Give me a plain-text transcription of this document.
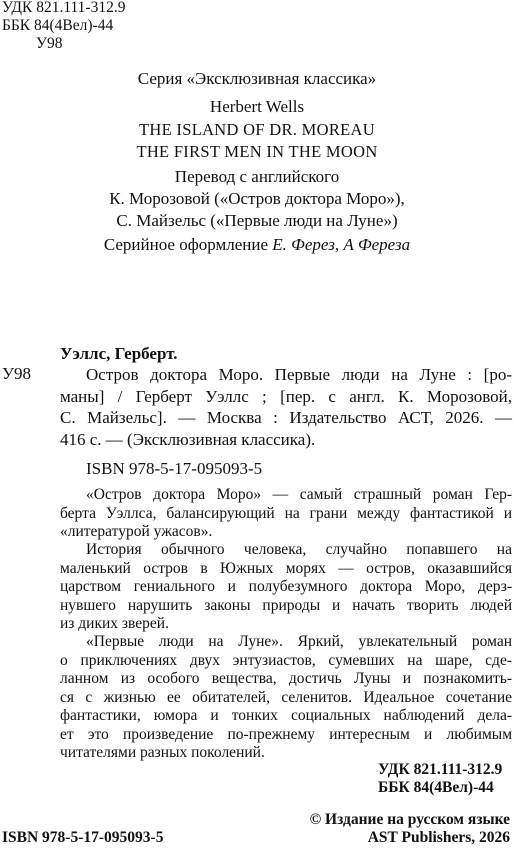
УДК 821.111-312.9
ББК 84(4Вел)-44
У98
Серия «Эксклюзивная классика»
Herbert Wells
THE ISLAND OF DR. MOREAU
THE FIRST MEN IN THE MOON
Перевод с английского
К. Морозовой («Остров доктора Моро»),
С. Майзельс («Первые люди на Луне»)
Серийное оформление Е. Ферез, А Фереза
Уэллс, Герберт.
У98	Остров доктора Моро. Первые люди на Луне : [ро-
маны] / Герберт Уэллс ; [пер. с англ. К. Морозовой,
С. Майзельс]. — Москва : Издательство АСТ, 2026. —
416 с. — (Эксклюзивная классика).
ISBN 978-5-17-095093-5
«Остров доктора Моро» — самый страшный роман Гер-
берта Уэллса, балансирующий на грани между фантастикой и
«литературой ужасов».
История обычного человека, случайно попавшего на
маленький остров в Южных морях — остров, оказавшийся
царством гениального и полубезумного доктора Моро, дерз-
нувшего нарушить законы природы и начать творить людей
из диких зверей.
«Первые люди на Луне». Яркий, увлекательный роман
о приключениях двух энтузиастов, сумевших на шаре, сде-
ланном из особого вещества, достичь Луны и познакомить-
ся с жизнью ее обитателей, селенитов. Идеальное сочетание
фантастики, юмора и тонких социальных наблюдений дела-
ет это произведение по-прежнему интересным и любимым
читателями разных поколений.
УДК 821.111-312.9
ББК 84(4Вел)-44
ISBN 978-5-17-095093-5
© Издание на русском языке
AST Publishers, 2026
